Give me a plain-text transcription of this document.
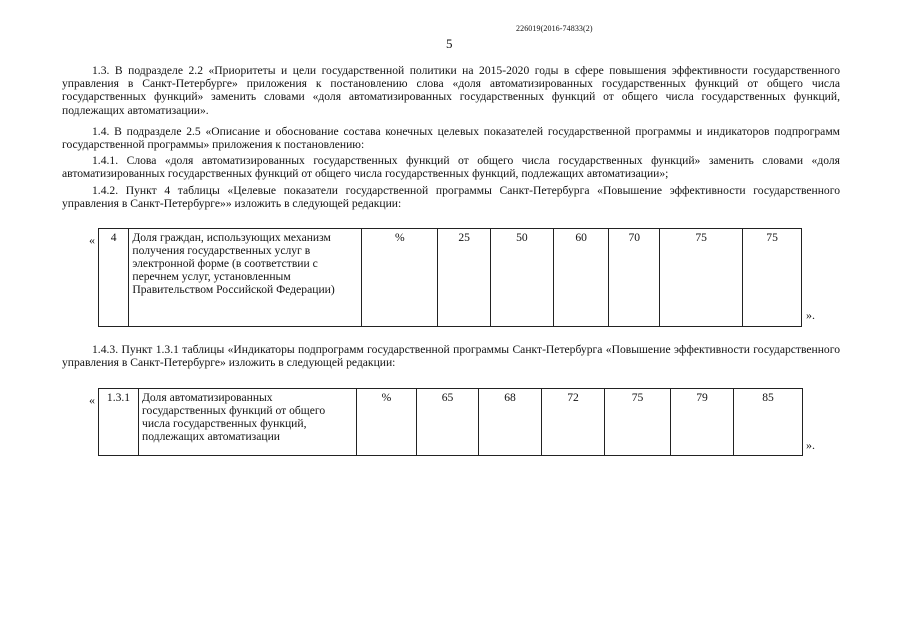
226019(2016-74833(2)
5

1.3. В подразделе 2.2 «Приоритеты и цели государственной политики на 2015-2020 годы в сфере повышения эффективности государственного управления в Санкт-Петербурге» приложения к постановлению слова «доля автоматизированных государственных функций от общего числа государственных функций» заменить словами «доля автоматизированных государственных функций от общего числа государственных функций, подлежащих автоматизации».

1.4. В подразделе 2.5 «Описание и обоснование состава конечных целевых показателей государственной программы и индикаторов подпрограмм государственной программы» приложения к постановлению:

1.4.1. Слова «доля автоматизированных государственных функций от общего числа государственных функций» заменить словами «доля автоматизированных государственных функций от общего числа государственных функций, подлежащих автоматизации»;

1.4.2. Пункт 4 таблицы «Целевые показатели государственной программы Санкт-Петербурга «Повышение эффективности государственного управления в Санкт-Петербурге»» изложить в следующей редакции:

« 4	Доля граждан, использующих механизм получения государственных услуг в электронной форме (в соответствии с перечнем услуг, установленным Правительством Российской Федерации)	%	25	50	60	70	75	75
».

1.4.3. Пункт 1.3.1 таблицы «Индикаторы подпрограмм государственной программы Санкт-Петербурга «Повышение эффективности государственного управления в Санкт-Петербурге» изложить в следующей редакции:

« 1.3.1	Доля автоматизированных государственных функций от общего числа государственных функций, подлежащих автоматизации	%	65	68	72	75	79	85
».
